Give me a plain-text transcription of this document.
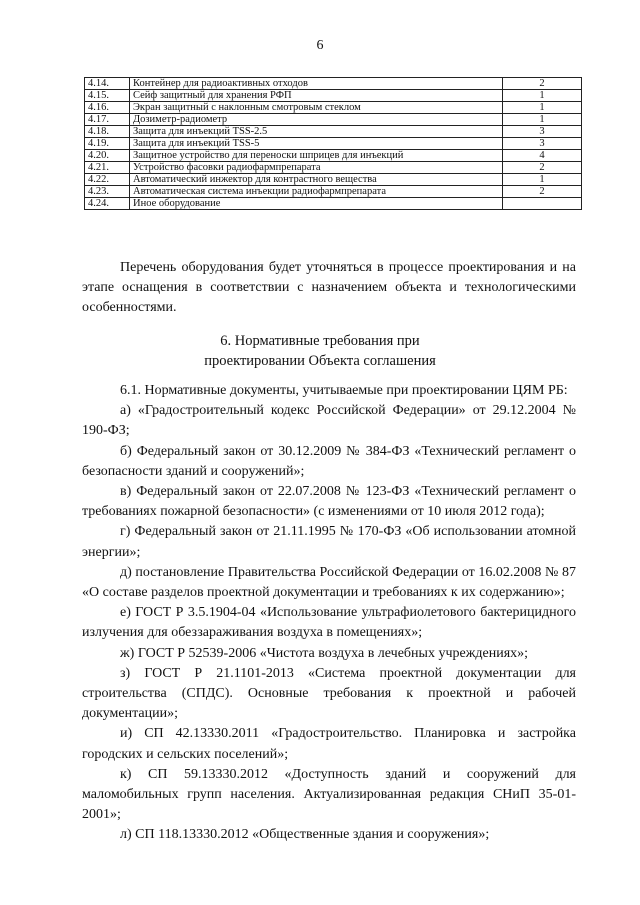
6
4.14.	Контейнер для радиоактивных отходов	2
4.15.	Сейф защитный для хранения РФП	1
4.16.	Экран защитный с наклонным смотровым стеклом	1
4.17.	Дозиметр-радиометр	1
4.18.	Защита для инъекций TSS-2.5	3
4.19.	Защита для инъекций TSS-5	3
4.20.	Защитное устройство для переноски шприцев для инъекций	4
4.21.	Устройство фасовки радиофармпрепарата	2
4.22.	Автоматический инжектор для контрастного вещества	1
4.23.	Автоматическая система инъекции радиофармпрепарата	2
4.24.	Иное оборудование	

Перечень оборудования будет уточняться в процессе проектирования и на этапе оснащения в соответствии с назначением объекта и технологическими особенностями.

6. Нормативные требования при
проектировании Объекта соглашения

6.1. Нормативные документы, учитываемые при проектировании ЦЯМ РБ:

а) «Градостроительный кодекс Российской Федерации» от 29.12.2004 № 190-ФЗ;

б) Федеральный закон от 30.12.2009 № 384-ФЗ «Технический регламент о безопасности зданий и сооружений»;

в) Федеральный закон от 22.07.2008 № 123-ФЗ «Технический регламент о требованиях пожарной безопасности» (с изменениями от 10 июля 2012 года);

г) Федеральный закон от 21.11.1995 № 170-ФЗ «Об использовании атомной энергии»;

д) постановление Правительства Российской Федерации от 16.02.2008 № 87 «О составе разделов проектной документации и требованиях к их содержанию»;

е) ГОСТ Р 3.5.1904-04 «Использование ультрафиолетового бактерицидного излучения для обеззараживания воздуха в помещениях»;

ж) ГОСТ Р 52539-2006 «Чистота воздуха в лечебных учреждениях»;

з) ГОСТ Р 21.1101-2013 «Система проектной документации для строительства (СПДС). Основные требования к проектной и рабочей документации»;

и) СП 42.13330.2011 «Градостроительство. Планировка и застройка городских и сельских поселений»;

к) СП 59.13330.2012 «Доступность зданий и сооружений для маломобильных групп населения. Актуализированная редакция СНиП 35-01-2001»;

л) СП 118.13330.2012 «Общественные здания и сооружения»;
